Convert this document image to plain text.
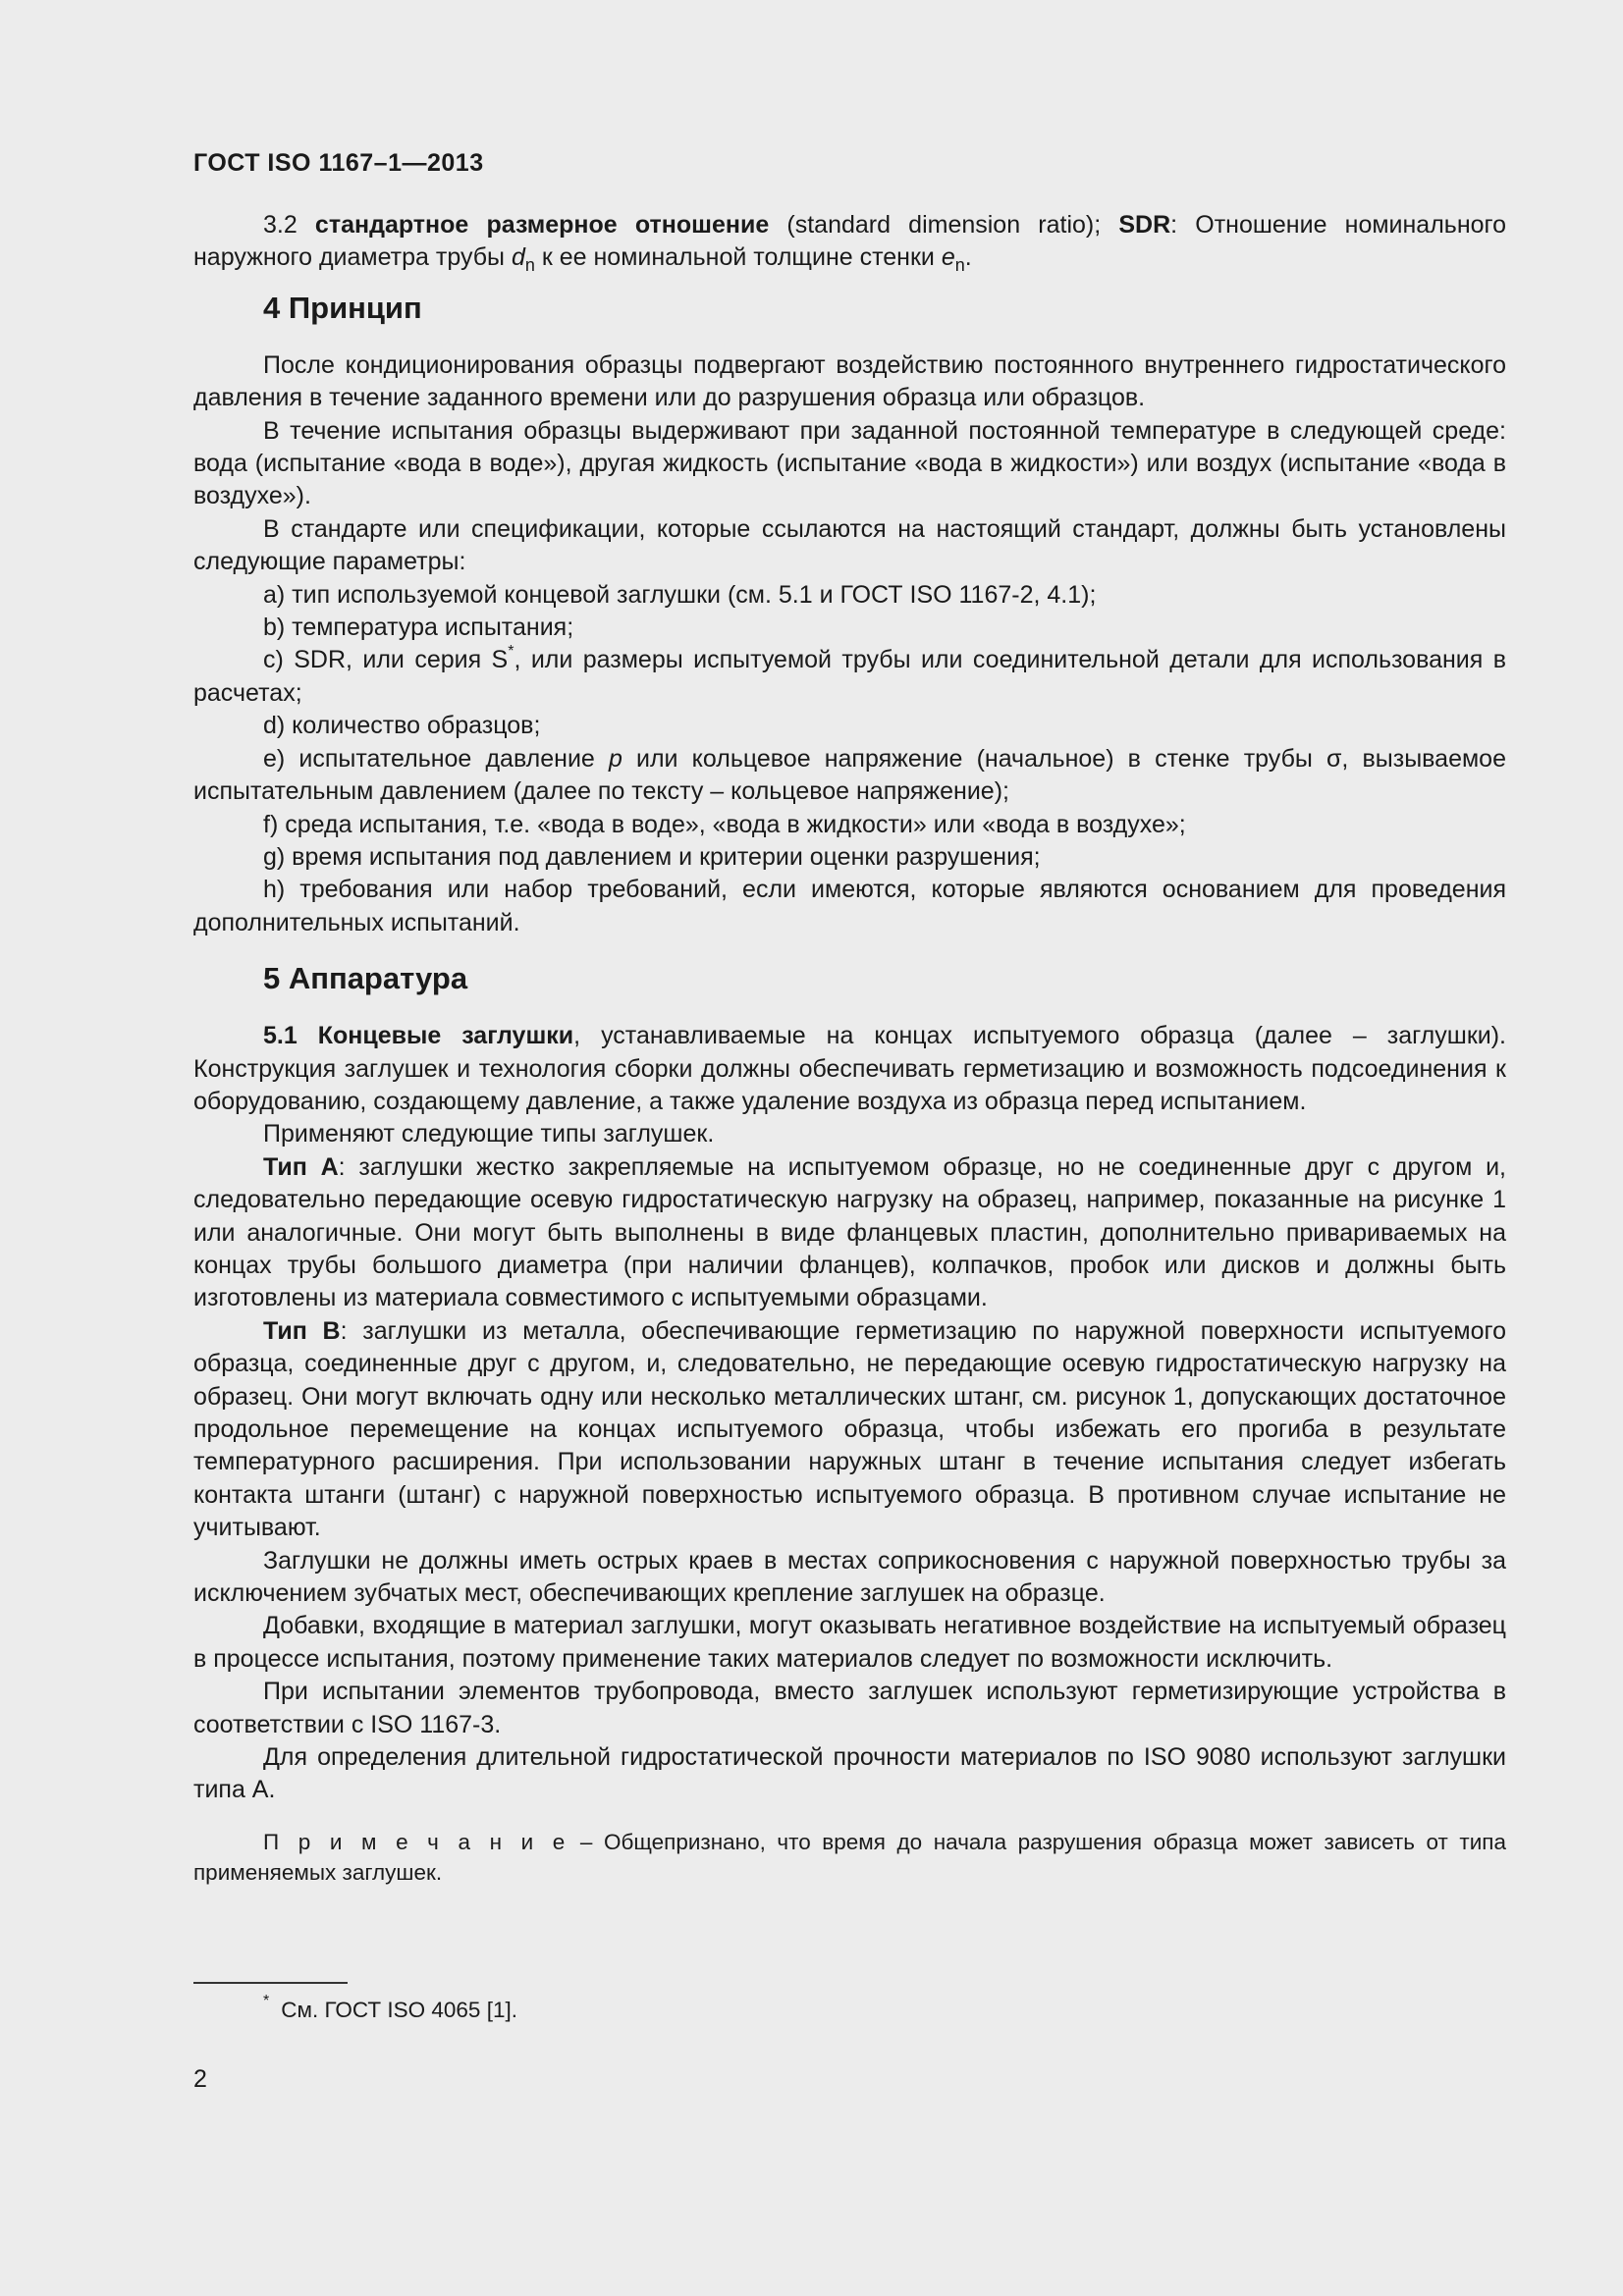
ГОСТ ISO 1167–1—2013

3.2 стандартное размерное отношение (standard dimension ratio); SDR: Отношение номинального наружного диаметра трубы $d_n$ к ее номинальной толщине стенки $e_n$.

4 Принцип

После кондиционирования образцы подвергают воздействию постоянного внутреннего гидростатического давления в течение заданного времени или до разрушения образца или образцов.

В течение испытания образцы выдерживают при заданной постоянной температуре в следующей среде: вода (испытание «вода в воде»), другая жидкость (испытание «вода в жидкости») или воздух (испытание «вода в воздухе»).

В стандарте или спецификации, которые ссылаются на настоящий стандарт, должны быть установлены следующие параметры:

a) тип используемой концевой заглушки (см. 5.1 и ГОСТ ISO 1167-2, 4.1);

b) температура испытания;

c) SDR, или серия S*, или размеры испытуемой трубы или соединительной детали для использования в расчетах;

d) количество образцов;

e) испытательное давление p или кольцевое напряжение (начальное) в стенке трубы σ, вызываемое испытательным давлением (далее по тексту – кольцевое напряжение);

f) среда испытания, т.е. «вода в воде», «вода в жидкости» или «вода в воздухе»;

g) время испытания под давлением и критерии оценки разрушения;

h) требования или набор требований, если имеются, которые являются основанием для проведения дополнительных испытаний.

5 Аппаратура

5.1 Концевые заглушки, устанавливаемые на концах испытуемого образца (далее – заглушки). Конструкция заглушек и технология сборки должны обеспечивать герметизацию и возможность подсоединения к оборудованию, создающему давление, а также удаление воздуха из образца перед испытанием.

Применяют следующие типы заглушек.

Тип А: заглушки жестко закрепляемые на испытуемом образце, но не соединенные друг с другом и, следовательно передающие осевую гидростатическую нагрузку на образец, например, показанные на рисунке 1 или аналогичные. Они могут быть выполнены в виде фланцевых пластин, дополнительно привариваемых на концах трубы большого диаметра (при наличии фланцев), колпачков, пробок или дисков и должны быть изготовлены из материала совместимого с испытуемыми образцами.

Тип В: заглушки из металла, обеспечивающие герметизацию по наружной поверхности испытуемого образца, соединенные друг с другом, и, следовательно, не передающие осевую гидростатическую нагрузку на образец. Они могут включать одну или несколько металлических штанг, см. рисунок 1, допускающих достаточное продольное перемещение на концах испытуемого образца, чтобы избежать его прогиба в результате температурного расширения. При использовании наружных штанг в течение испытания следует избегать контакта штанги (штанг) с наружной поверхностью испытуемого образца. В противном случае испытание не учитывают.

Заглушки не должны иметь острых краев в местах соприкосновения с наружной поверхностью трубы за исключением зубчатых мест, обеспечивающих крепление заглушек на образце.

Добавки, входящие в материал заглушки, могут оказывать негативное воздействие на испытуемый образец в процессе испытания, поэтому применение таких материалов следует по возможности исключить.

При испытании элементов трубопровода, вместо заглушек используют герметизирующие устройства в соответствии с ISO 1167-3.

Для определения длительной гидростатической прочности материалов по ISO 9080 используют заглушки типа А.

П р и м е ч а н и е – Общепризнано, что время до начала разрушения образца может зависеть от типа применяемых заглушек.

* См. ГОСТ ISO 4065 [1].
2
